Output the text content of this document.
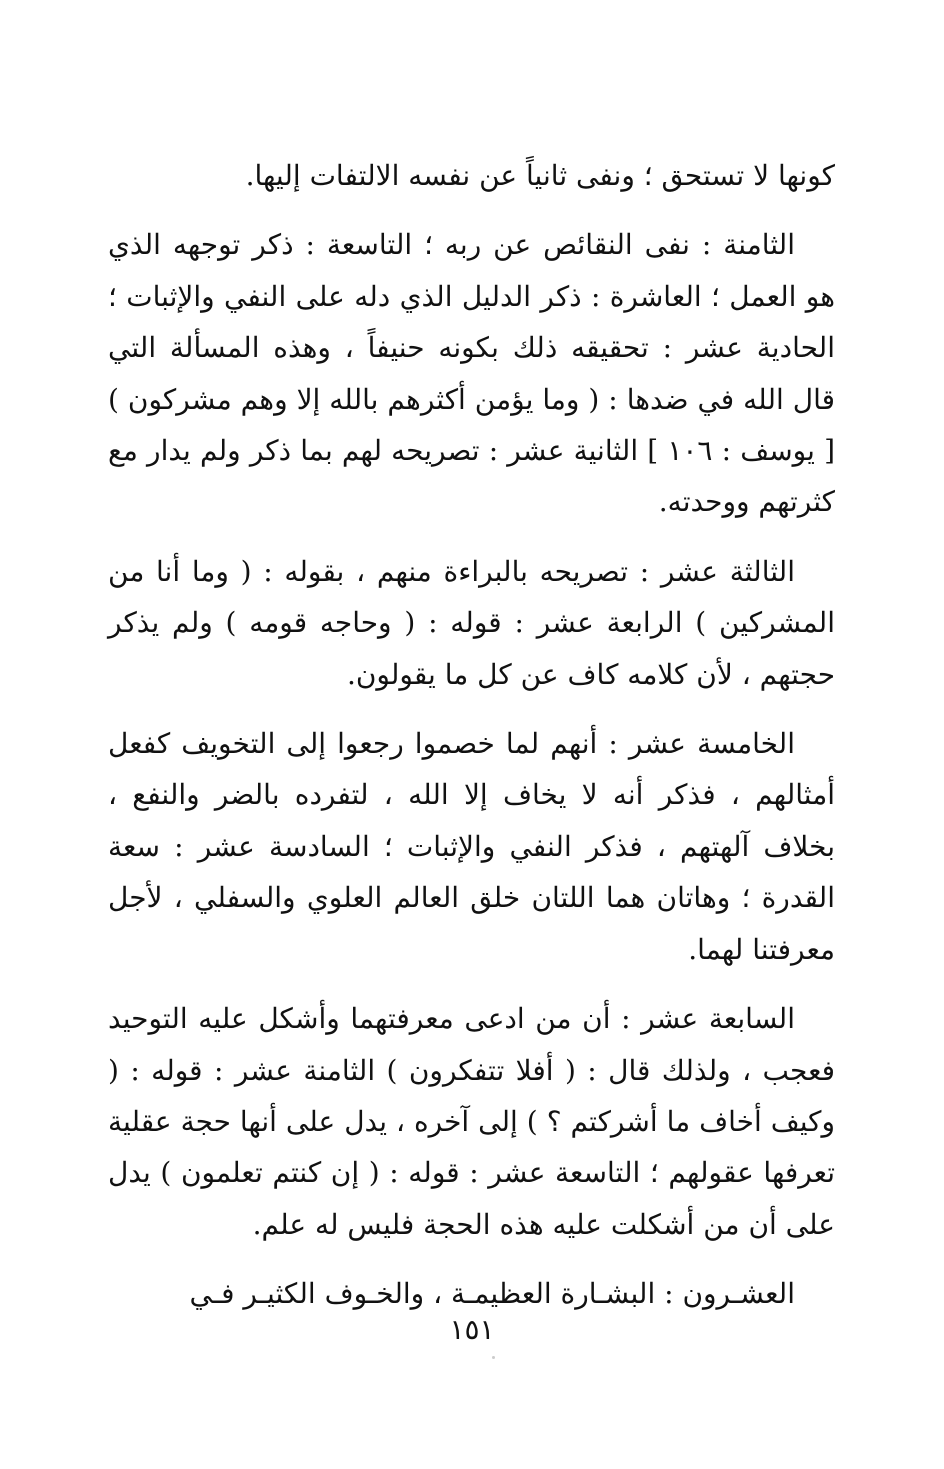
كونها لا تستحق ؛ ونفى ثانياً عن نفسه الالتفات إليها.

الثامنة : نفى النقائص عن ربه ؛ التاسعة : ذكر توجهه الذي هو العمل ؛ العاشرة : ذكر الدليل الذي دله على النفي والإثبات ؛ الحادية عشر : تحقيقه ذلك بكونه حنيفاً ، وهذه المسألة التي قال الله في ضدها : ( وما يؤمن أكثرهم بالله إلا وهم مشركون ) [ يوسف : ١٠٦ ] الثانية عشر : تصريحه لهم بما ذكر ولم يدار مع كثرتهم ووحدته.

الثالثة عشر : تصريحه بالبراءة منهم ، بقوله : ( وما أنا من المشركين ) الرابعة عشر : قوله : ( وحاجه قومه ) ولم يذكر حجتهم ، لأن كلامه كاف عن كل ما يقولون.

الخامسة عشر : أنهم لما خصموا رجعوا إلى التخويف كفعل أمثالهم ، فذكر أنه لا يخاف إلا الله ، لتفرده بالضر والنفع ، بخلاف آلهتهم ، فذكر النفي والإثبات ؛ السادسة عشر : سعة القدرة ؛ وهاتان هما اللتان خلق العالم العلوي والسفلي ، لأجل معرفتنا لهما.

السابعة عشر : أن من ادعى معرفتهما وأشكل عليه التوحيد فعجب ، ولذلك قال : ( أفلا تتفكرون ) الثامنة عشر : قوله : ( وكيف أخاف ما أشركتم ؟ ) إلى آخره ، يدل على أنها حجة عقلية تعرفها عقولهم ؛ التاسعة عشر : قوله : ( إن كنتم تعلمون ) يدل على أن من أشكلت عليه هذه الحجة فليس له علم.

العشـرون : البشـارة العظيمـة ، والخـوف الكثيـر فـي

١٥١
